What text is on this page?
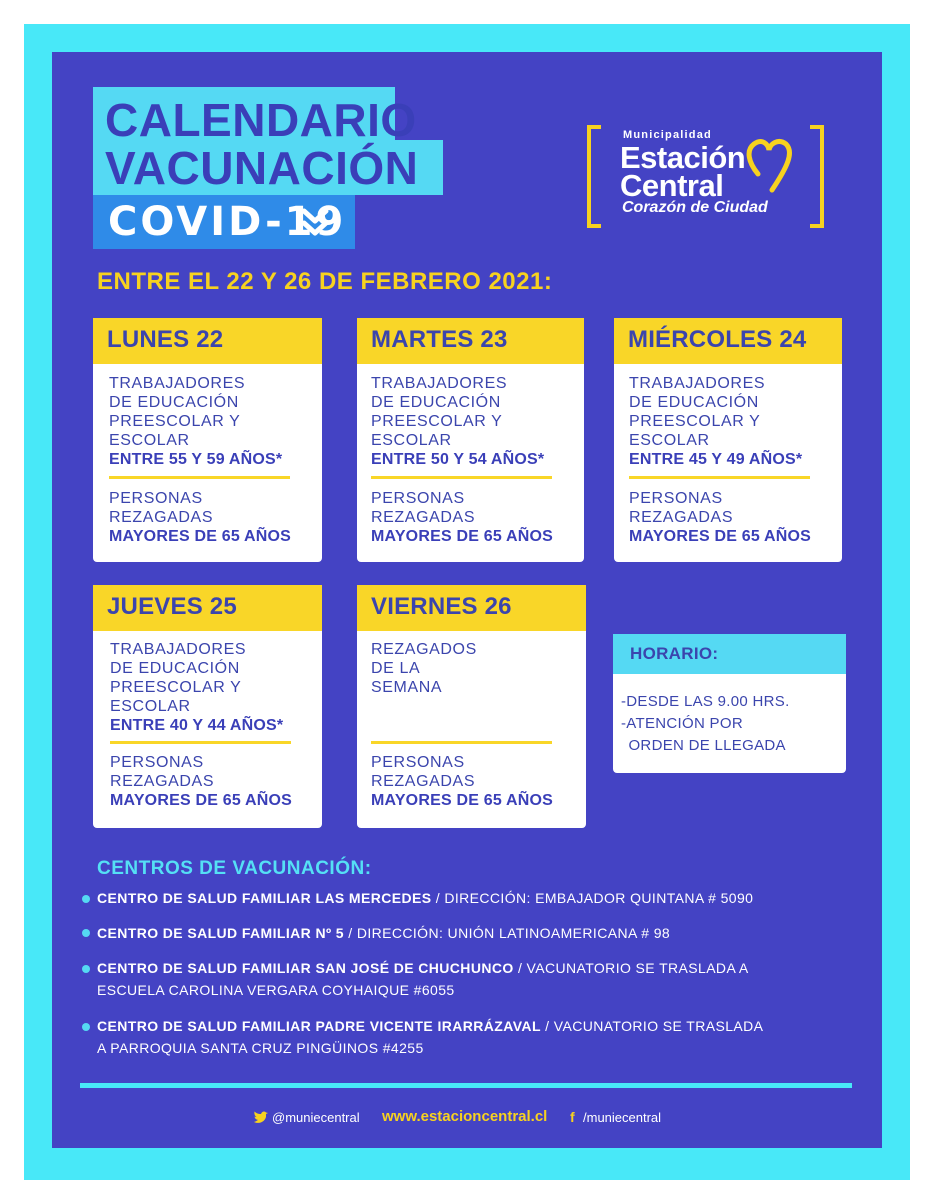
CALENDARIO
VACUNACIÓN
COVID-19
Municipalidad
Estación
Central
Corazón de Ciudad
ENTRE EL 22 Y 26 DE FEBRERO 2021:
LUNES 22
TRABAJADORES
DE EDUCACIÓN
PREESCOLAR Y
ESCOLAR
ENTRE 55 Y 59 AÑOS*
PERSONAS
REZAGADAS
MAYORES DE 65 AÑOS
MARTES 23
TRABAJADORES
DE EDUCACIÓN
PREESCOLAR Y
ESCOLAR
ENTRE 50 Y 54 AÑOS*
PERSONAS
REZAGADAS
MAYORES DE 65 AÑOS
MIÉRCOLES 24
TRABAJADORES
DE EDUCACIÓN
PREESCOLAR Y
ESCOLAR
ENTRE 45 Y 49 AÑOS*
PERSONAS
REZAGADAS
MAYORES DE 65 AÑOS
JUEVES 25
TRABAJADORES
DE EDUCACIÓN
PREESCOLAR Y
ESCOLAR
ENTRE 40 Y 44 AÑOS*
PERSONAS
REZAGADAS
MAYORES DE 65 AÑOS
VIERNES 26
REZAGADOS
DE LA
SEMANA
PERSONAS
REZAGADAS
MAYORES DE 65 AÑOS
HORARIO:
-DESDE LAS 9.00 HRS.
-ATENCIÓN POR
ORDEN DE LLEGADA
CENTROS DE VACUNACIÓN:
CENTRO DE SALUD FAMILIAR LAS MERCEDES / DIRECCIÓN: EMBAJADOR QUINTANA # 5090
CENTRO DE SALUD FAMILIAR Nº 5 / DIRECCIÓN: UNIÓN LATINOAMERICANA # 98
CENTRO DE SALUD FAMILIAR SAN JOSÉ DE CHUCHUNCO / VACUNATORIO SE TRASLADA A
ESCUELA CAROLINA VERGARA COYHAIQUE #6055
CENTRO DE SALUD FAMILIAR PADRE VICENTE IRARRÁZAVAL / VACUNATORIO SE TRASLADA
A PARROQUIA SANTA CRUZ PINGÜINOS #4255
@muniecentral www.estacioncentral.cl f /muniecentral
